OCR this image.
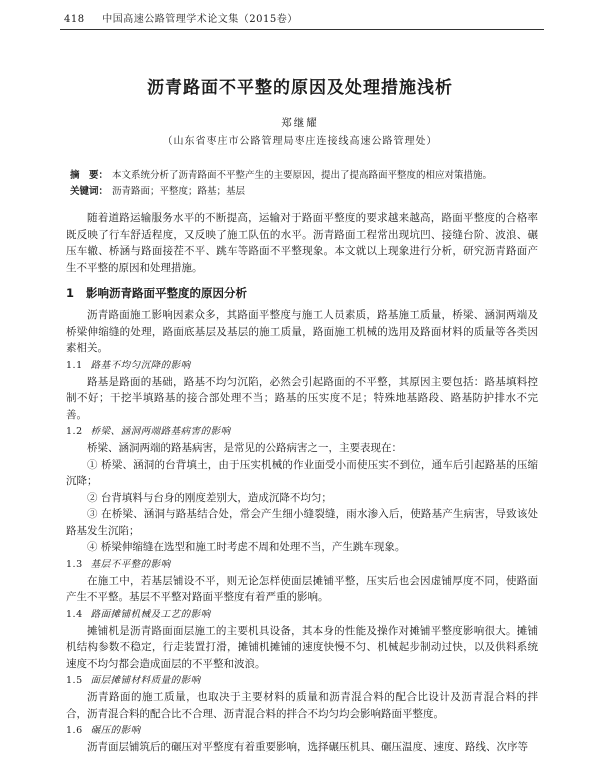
418 中国高速公路管理学术论文集（2015卷）
沥青路面不平整的原因及处理措施浅析
郑继耀
（山东省枣庄市公路管理局枣庄连接线高速公路管理处）
摘　要： 本文系统分析了沥青路面不平整产生的主要原因，提出了提高路面平整度的相应对策措施。
关键词： 沥青路面；平整度；路基；基层

随着道路运输服务水平的不断提高，运输对于路面平整度的要求越来越高，路面平整度的合格率既反映了行车舒适程度，又反映了施工队伍的水平。沥青路面工程常出现坑凹、接缝台阶、波浪、碾压车辙、桥涵与路面接茬不平、跳车等路面不平整现象。本文就以上现象进行分析，研究沥青路面产生不平整的原因和处理措施。

1 影响沥青路面平整度的原因分析

沥青路面施工影响因素众多，其路面平整度与施工人员素质，路基施工质量，桥梁、涵洞两端及桥梁伸缩缝的处理，路面底基层及基层的施工质量，路面施工机械的选用及路面材料的质量等各类因素相关。

1.1 路基不均匀沉降的影响

路基是路面的基础，路基不均匀沉陷，必然会引起路面的不平整，其原因主要包括：路基填料控制不好；干挖半填路基的接合部处理不当；路基的压实度不足；特殊地基路段、路基防护排水不完善。

1.2 桥梁、涵洞两端路基病害的影响

桥梁、涵洞两端的路基病害，是常见的公路病害之一，主要表现在：

① 桥梁、涵洞的台背填土，由于压实机械的作业面受小而使压实不到位，通车后引起路基的压缩沉降；

② 台背填料与台身的刚度差别大，造成沉降不均匀；

③ 在桥梁、涵洞与路基结合处，常会产生细小缝裂缝，雨水渗入后，使路基产生病害，导致该处路基发生沉陷；

④ 桥梁伸缩缝在选型和施工时考虑不周和处理不当，产生跳车现象。

1.3 基层不平整的影响

在施工中，若基层铺设不平，则无论怎样使面层摊铺平整，压实后也会因虚铺厚度不同，使路面产生不平整。基层不平整对路面平整度有着严重的影响。

1.4 路面摊铺机械及工艺的影响

摊铺机是沥青路面面层施工的主要机具设备，其本身的性能及操作对摊铺平整度影响很大。摊铺机结构参数不稳定，行走装置打滑，摊铺机摊铺的速度快慢不匀、机械起步制动过快，以及供料系统速度不均匀都会造成面层的不平整和波浪。

1.5 面层摊铺材料质量的影响

沥青路面的施工质量，也取决于主要材料的质量和沥青混合料的配合比设计及沥青混合料的拌合，沥青混合料的配合比不合理、沥青混合料的拌合不均匀均会影响路面平整度。

1.6 碾压的影响

沥青面层铺筑后的碾压对平整度有着重要影响，选择碾压机具、碾压温度、速度、路线、次序等
